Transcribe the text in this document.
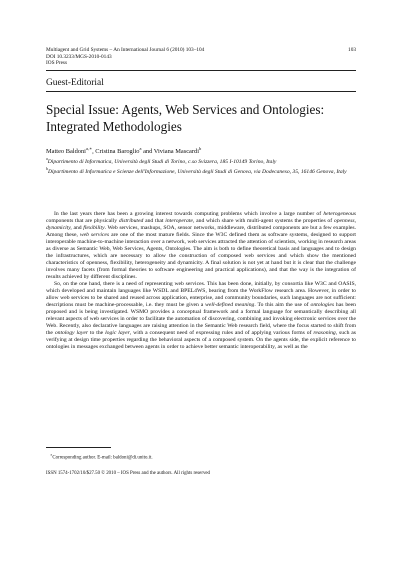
Multiagent and Grid Systems – An International Journal 6 (2010) 103–104
DOI 10.3233/MGS-2010-0143
IOS Press
103
Guest-Editorial
Special Issue: Agents, Web Services and Ontologies: Integrated Methodologies
Matteo Baldoni$^{a,∗}$, Cristina Baroglio$^a$ and Viviana Mascardi$^b$
$^a$Dipartimento di Informatica, Università degli Studi di Torino, c.so Svizzera, 185 I-10149 Torino, Italy
$^b$Dipartimento di Informatica e Scienze dell'Informazione, Università degli Studi di Genova, via Dodecaneso, 35, 16146 Genova, Italy

In the last years there has been a growing interest towards computing problems which involve a large number of heterogeneous components that are physically distributed and that interoperate, and which share with multi-agent systems the properties of openness, dynamicity, and flexibility. Web services, mashups, SOA, sensor networks, middleware, distributed components are but a few examples. Among these, web services are one of the most mature fields. Since the W3C defined them as software systems, designed to support interoperable machine-to-machine interaction over a network, web services attracted the attention of scientists, working in research areas as diverse as Semantic Web, Web Services, Agents, Ontologies. The aim is both to define theoretical basis and languages and to design the infrastructures, which are necessary to allow the construction of composed web services and which show the mentioned characteristics of openness, flexibility, heterogeneity and dynamicity. A final solution is not yet at hand but it is clear that the challenge involves many facets (from formal theories to software engineering and practical applications), and that the way is the integration of results achieved by different disciplines.

So, on the one hand, there is a need of representing web services. This has been done, initially, by consortia like W3C and OASIS, which developed and maintain languages like WSDL and BPEL4WS, bearing from the WorkFlow research area. However, in order to allow web services to be shared and reused across application, enterprise, and community boundaries, such languages are not sufficient: descriptions must be machine-processable, i.e. they must be given a well-defined meaning. To this aim the use of ontologies has been proposed and is being investigated. WSMO provides a conceptual framework and a formal language for semantically describing all relevant aspects of web services in order to facilitate the automation of discovering, combining and invoking electronic services over the Web. Recently, also declarative languages are raising attention in the Semantic Web research field, where the focus started to shift from the ontology layer to the logic layer, with a consequent need of expressing rules and of applying various forms of reasoning, such as verifying at design time properties regarding the behavioral aspects of a composed system. On the agents side, the explicit reference to ontologies in messages exchanged between agents in order to achieve better semantic interoperability, as well as the

∗Corresponding author. E-mail: baldoni@di.unito.it.
ISSN 1574-1702/10/$27.50 © 2010 – IOS Press and the authors. All rights reserved
